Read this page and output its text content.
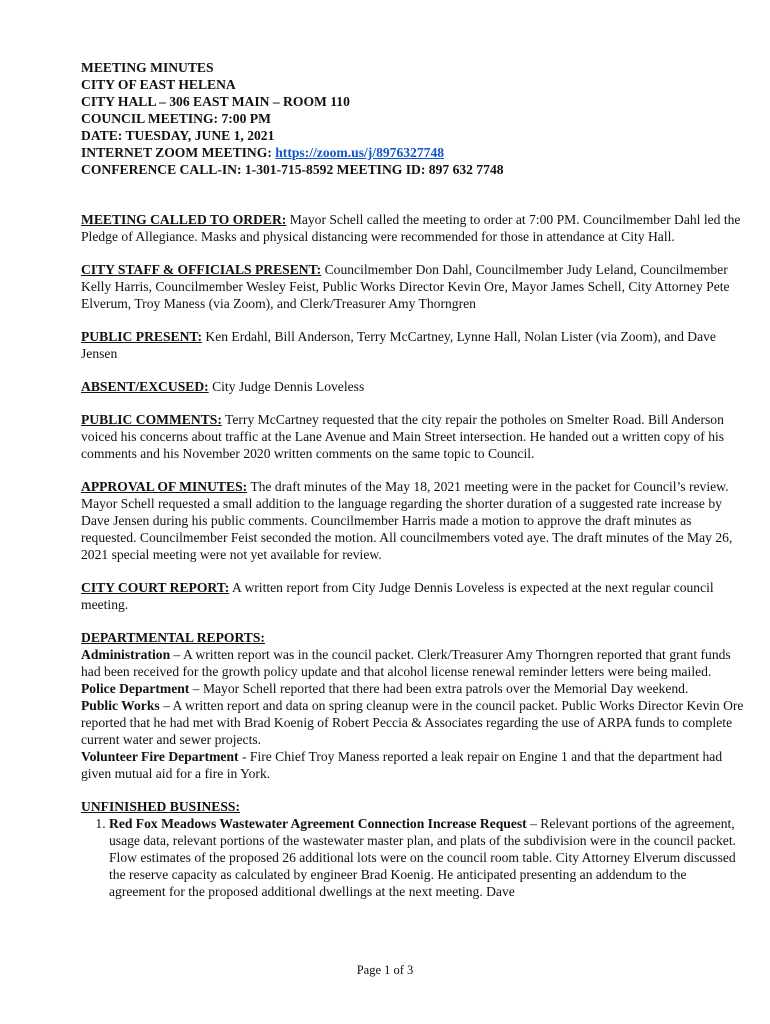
MEETING MINUTES
CITY OF EAST HELENA
CITY HALL – 306 EAST MAIN – ROOM 110
COUNCIL MEETING: 7:00 PM
DATE: TUESDAY, JUNE 1, 2021
INTERNET ZOOM MEETING: https://zoom.us/j/8976327748
CONFERENCE CALL-IN: 1-301-715-8592 MEETING ID: 897 632 7748

MEETING CALLED TO ORDER: Mayor Schell called the meeting to order at 7:00 PM. Councilmember Dahl led the Pledge of Allegiance. Masks and physical distancing were recommended for those in attendance at City Hall.

CITY STAFF & OFFICIALS PRESENT: Councilmember Don Dahl, Councilmember Judy Leland, Councilmember Kelly Harris, Councilmember Wesley Feist, Public Works Director Kevin Ore, Mayor James Schell, City Attorney Pete Elverum, Troy Maness (via Zoom), and Clerk/Treasurer Amy Thorngren

PUBLIC PRESENT: Ken Erdahl, Bill Anderson, Terry McCartney, Lynne Hall, Nolan Lister (via Zoom), and Dave Jensen

ABSENT/EXCUSED: City Judge Dennis Loveless

PUBLIC COMMENTS: Terry McCartney requested that the city repair the potholes on Smelter Road. Bill Anderson voiced his concerns about traffic at the Lane Avenue and Main Street intersection. He handed out a written copy of his comments and his November 2020 written comments on the same topic to Council.

APPROVAL OF MINUTES: The draft minutes of the May 18, 2021 meeting were in the packet for Council’s review. Mayor Schell requested a small addition to the language regarding the shorter duration of a suggested rate increase by Dave Jensen during his public comments. Councilmember Harris made a motion to approve the draft minutes as requested. Councilmember Feist seconded the motion. All councilmembers voted aye. The draft minutes of the May 26, 2021 special meeting were not yet available for review.

CITY COURT REPORT: A written report from City Judge Dennis Loveless is expected at the next regular council meeting.

DEPARTMENTAL REPORTS:

Administration – A written report was in the council packet. Clerk/Treasurer Amy Thorngren reported that grant funds had been received for the growth policy update and that alcohol license renewal reminder letters were being mailed.

Police Department – Mayor Schell reported that there had been extra patrols over the Memorial Day weekend.

Public Works – A written report and data on spring cleanup were in the council packet. Public Works Director Kevin Ore reported that he had met with Brad Koenig of Robert Peccia & Associates regarding the use of ARPA funds to complete current water and sewer projects.

Volunteer Fire Department - Fire Chief Troy Maness reported a leak repair on Engine 1 and that the department had given mutual aid for a fire in York.

UNFINISHED BUSINESS:

1. Red Fox Meadows Wastewater Agreement Connection Increase Request – Relevant portions of the agreement, usage data, relevant portions of the wastewater master plan, and plats of the subdivision were in the council packet. Flow estimates of the proposed 26 additional lots were on the council room table. City Attorney Elverum discussed the reserve capacity as calculated by engineer Brad Koenig. He anticipated presenting an addendum to the agreement for the proposed additional dwellings at the next meeting. Dave
Page 1 of 3
